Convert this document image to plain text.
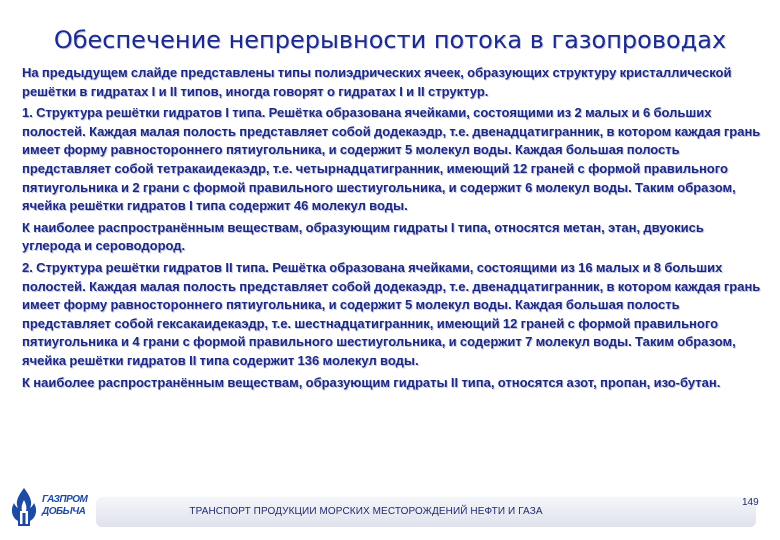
Обеспечение непрерывности потока в газопроводах

На предыдущем слайде представлены типы полиэдрических ячеек, образующих структуру кристаллической решётки в гидратах I и II типов, иногда говорят о гидратах I и II структур.

1. Структура решётки гидратов I типа. Решётка образована ячейками, состоящими из 2 малых и 6 больших полостей. Каждая малая полость представляет собой додекаэдр, т.е. двенадцатигранник, в котором каждая грань имеет форму равностороннего пятиугольника, и содержит 5 молекул воды. Каждая большая полость представляет собой тетракаидекаэдр, т.е. четырнадцатигранник, имеющий 12 граней с формой правильного пятиугольника и 2 грани с формой правильного шестиугольника, и содержит 6 молекул воды. Таким образом, ячейка решётки гидратов I типа содержит 46 молекул воды.

К наиболее распространённым веществам, образующим гидраты I типа, относятся метан, этан, двуокись углерода и сероводород.

2. Структура решётки гидратов II типа. Решётка образована ячейками, состоящими из 16 малых и 8 больших полостей. Каждая малая полость представляет собой додекаэдр, т.е. двенадцатигранник, в котором каждая грань имеет форму равностороннего пятиугольника, и содержит 5 молекул воды. Каждая большая полость представляет собой гексакаидекаэдр, т.е. шестнадцатигранник, имеющий 12 граней с формой правильного пятиугольника и 4 грани с формой правильного шестиугольника, и содержит 7 молекул воды. Таким образом, ячейка решётки гидратов II типа содержит 136 молекул воды.

К наиболее распространённым веществам, образующим гидраты II типа, относятся азот, пропан, изо-бутан.

ГАЗПРОМ
ДОБЫЧА	ТРАНСПОРТ ПРОДУКЦИИ МОРСКИХ МЕСТОРОЖДЕНИЙ НЕФТИ И ГАЗА
149
